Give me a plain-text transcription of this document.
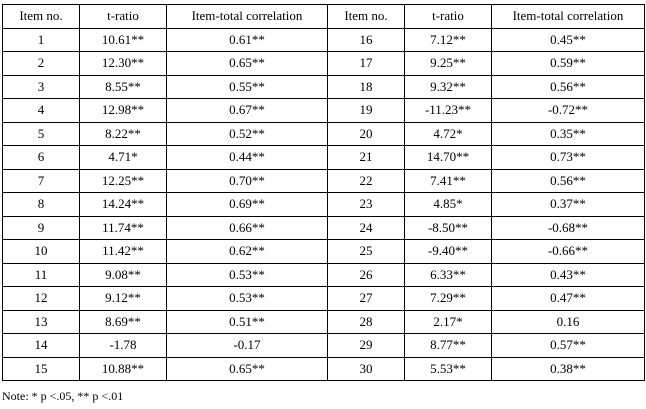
Item no.	t-ratio	Item-total correlation	Item no.	t-ratio	Item-total correlation
1	10.61**	0.61**	16	7.12**	0.45**
2	12.30**	0.65**	17	9.25**	0.59**
3	8.55**	0.55**	18	9.32**	0.56**
4	12.98**	0.67**	19	-11.23**	-0.72**
5	8.22**	0.52**	20	4.72*	0.35**
6	4.71*	0.44**	21	14.70**	0.73**
7	12.25**	0.70**	22	7.41**	0.56**
8	14.24**	0.69**	23	4.85*	0.37**
9	11.74**	0.66**	24	-8.50**	-0.68**
10	11.42**	0.62**	25	-9.40**	-0.66**
11	9.08**	0.53**	26	6.33**	0.43**
12	9.12**	0.53**	27	7.29**	0.47**
13	8.69**	0.51**	28	2.17*	0.16
14	-1.78	-0.17	29	8.77**	0.57**
15	10.88**	0.65**	30	5.53**	0.38**
Note: * p <.05, ** p <.01
